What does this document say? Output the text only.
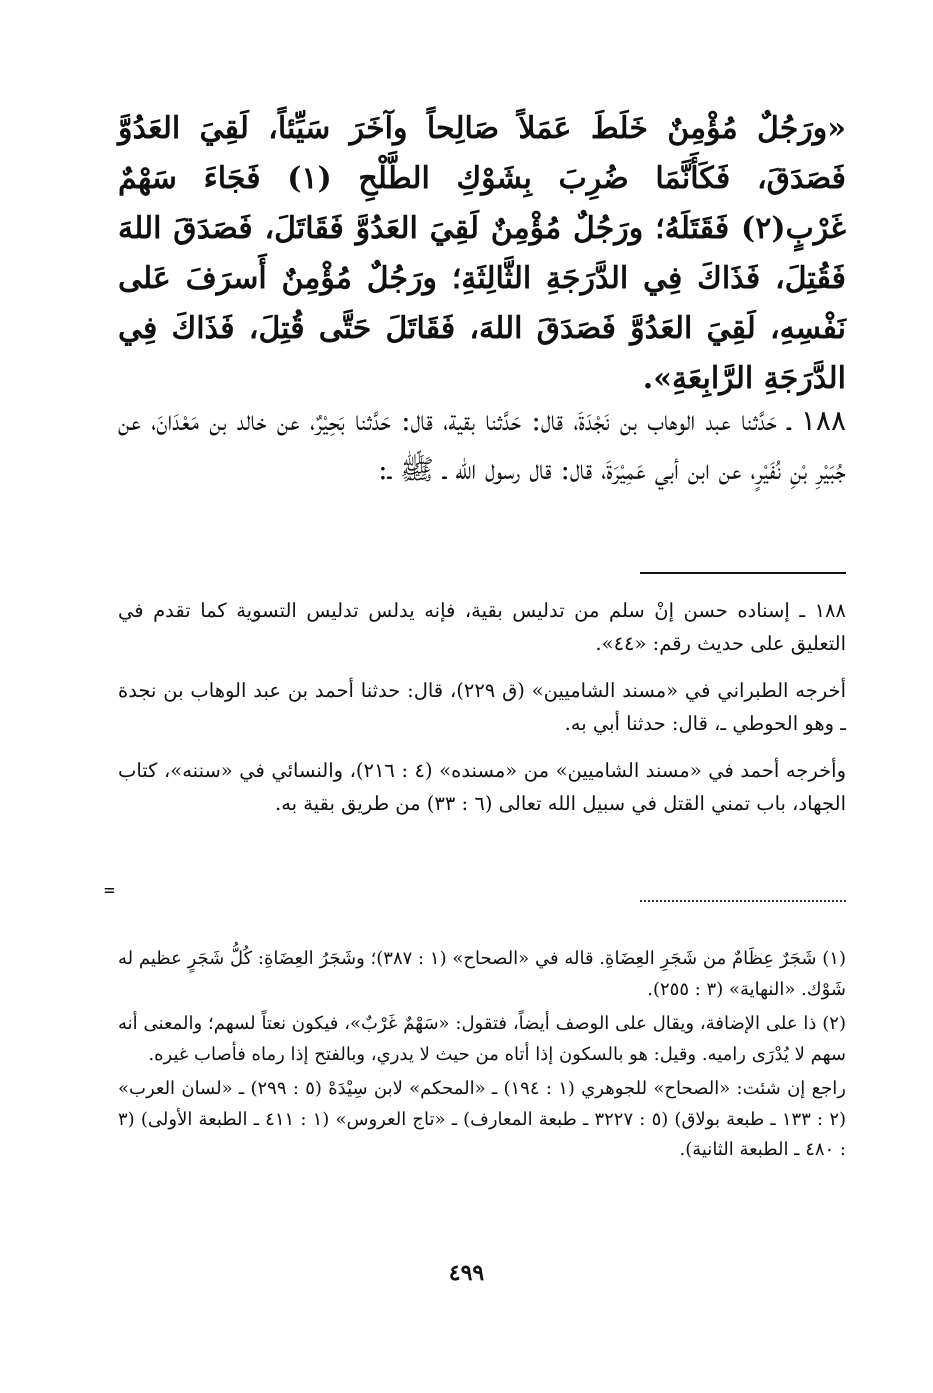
«ورَجُلٌ مُؤْمِنٌ خَلَطَ عَمَلاً صَالِحاً وآخَرَ سَيِّئاً، لَقِيَ العَدُوَّ فَصَدَقَ، فَكَأَنَّمَا ضُرِبَ بِشَوْكِ الطَّلْحِ (١) فَجَاءَ سَهْمٌ غَرْبٍ(٢) فَقَتَلَهُ؛ ورَجُلٌ مُؤْمِنٌ لَقِيَ العَدُوَّ فَقَاتَلَ، فَصَدَقَ اللهَ فَقُتِلَ، فَذَاكَ فِي الدَّرَجَةِ الثَّالِثَةِ؛ ورَجُلٌ مُؤْمِنٌ أَسرَفَ عَلى نَفْسِهِ، لَقِيَ العَدُوَّ فَصَدَقَ اللهَ، فَقَاتَلَ حَتَّى قُتِلَ، فَذَاكَ فِي الدَّرَجَةِ الرَّابِعَةِ».

١٨٨ ـ حَدَّثنا عبد الوهاب بن نَجْدَةَ، قال: حَدَّثنا بقية، قال: حَدَّثنا بَحِيْرٌ، عن خالد بن مَعْدَانَ، عن جُبَيْرِ بْنِ نُفَيْرٍ، عن ابن أبي عَمِيْرَةَ، قال: قال رسول الله ـ ﷺ ـ:

١٨٨ ـ إسناده حسن إنْ سلم من تدليس بقية، فإنه يدلس تدليس التسوية كما تقدم في التعليق على حديث رقم: «٤٤».

أخرجه الطبراني في «مسند الشاميين» (ق ٢٢٩)، قال: حدثنا أحمد بن عبد الوهاب بن نجدة ـ وهو الحوطي ـ، قال: حدثنا أبي به.

وأخرجه أحمد في «مسند الشاميين» من «مسنده» (٤ : ٢١٦)، والنسائي في «سننه»، كتاب الجهاد، باب تمني القتل في سبيل الله تعالى (٦ : ٣٣) من طريق بقية به.

=

(١) شَجَرٌ عِظَامٌ من شَجَرِ العِضَاةِ. قاله في «الصحاح» (١ : ٣٨٧)؛ وشَجَرُ العِضَاةِ: كُلُّ شَجَرٍ عظيم له شَوْك. «النهاية» (٣ : ٢٥٥).

(٢) ذا على الإضافة، ويقال على الوصف أيضاً، فتقول: «سَهْمٌ غَرْبٌ»، فيكون نعتاً لسهم؛ والمعنى أنه سهم لا يُدْرَى راميه. وقيل: هو بالسكون إذا أتاه من حيث لا يدري، وبالفتح إذا رماه فأصاب غيره.

راجع إن شئت: «الصحاح» للجوهري (١ : ١٩٤) ـ «المحكم» لابن سِيْدَهْ (٥ : ٢٩٩) ـ «لسان العرب» (٢ : ١٣٣ ـ طبعة بولاق) (٥ : ٣٢٢٧ ـ طبعة المعارف) ـ «تاج العروس» (١ : ٤١١ ـ الطبعة الأولى) (٣ : ٤٨٠ ـ الطبعة الثانية).

٤٩٩
